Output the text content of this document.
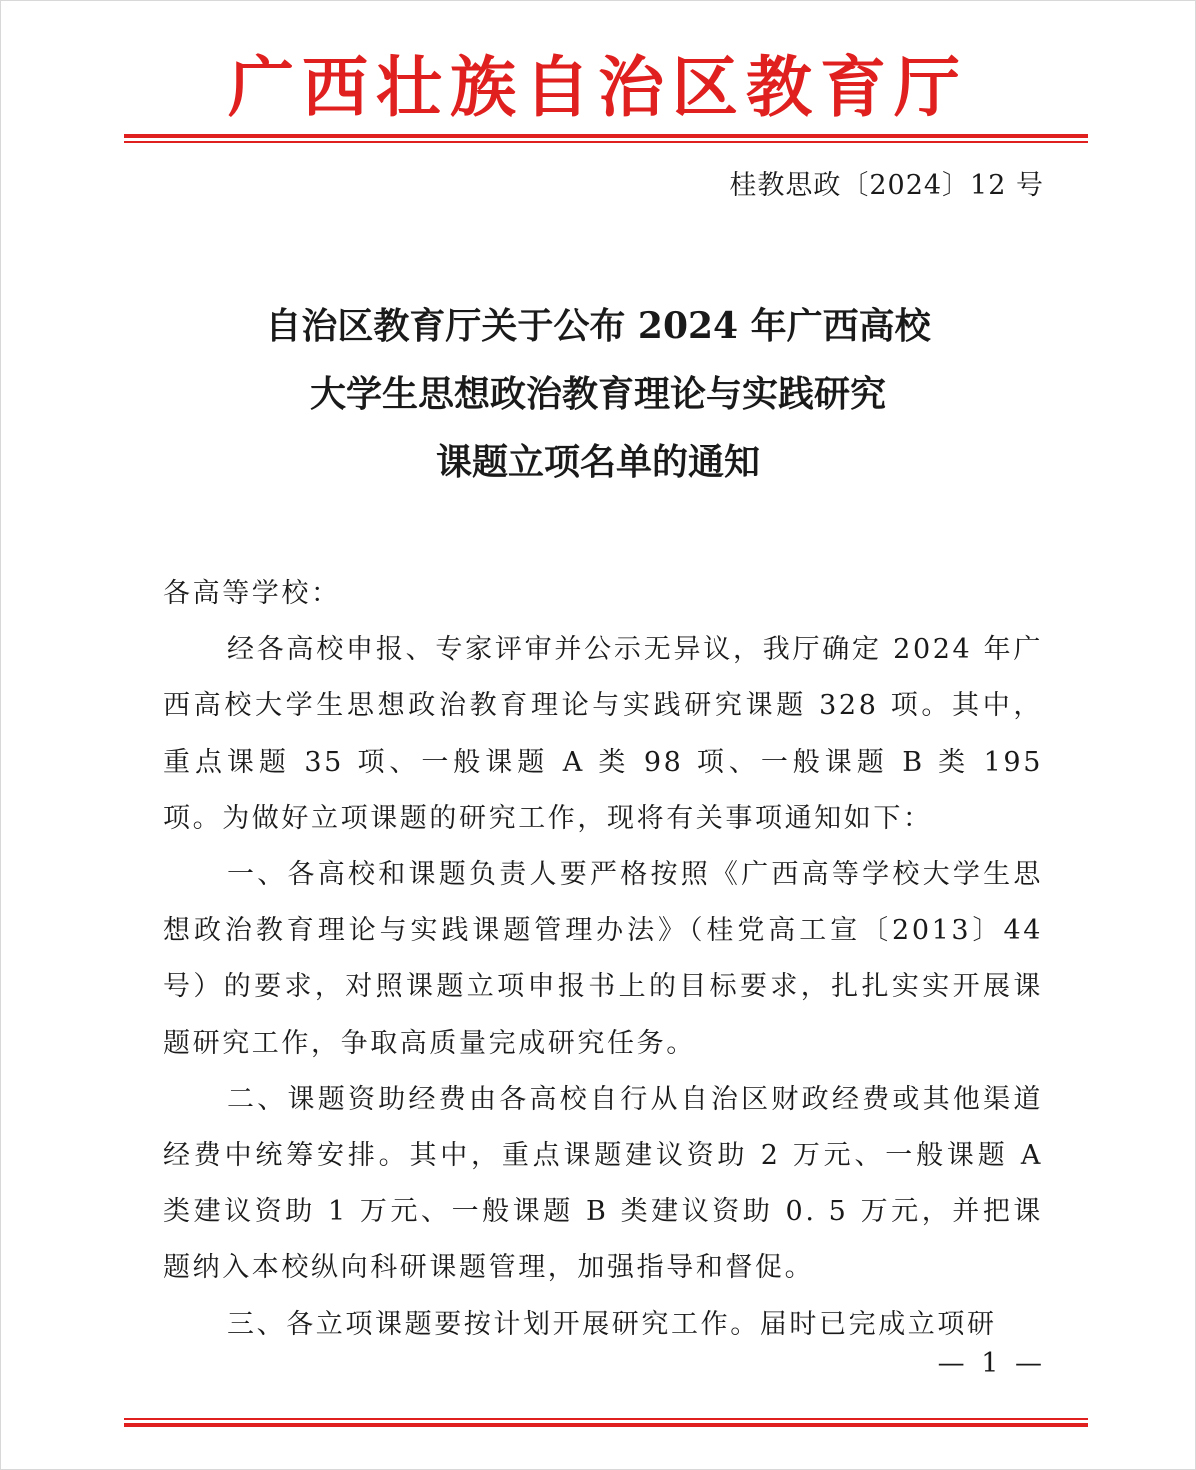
广西壮族自治区教育厅
桂教思政〔2024〕12 号
自治区教育厅关于公布 2024 年广西高校
大学生思想政治教育理论与实践研究
课题立项名单的通知

各高等学校：

经各高校申报、专家评审并公示无异议，我厅确定 2024 年广西高校大学生思想政治教育理论与实践研究课题 328 项。其中，重点课题 35 项、一般课题 A 类 98 项、一般课题 B 类 195 项。为做好立项课题的研究工作，现将有关事项通知如下：

一、各高校和课题负责人要严格按照《广西高等学校大学生思想政治教育理论与实践课题管理办法》（桂党高工宣〔2013〕44 号）的要求，对照课题立项申报书上的目标要求，扎扎实实开展课题研究工作，争取高质量完成研究任务。

二、课题资助经费由各高校自行从自治区财政经费或其他渠道经费中统筹安排。其中，重点课题建议资助 2 万元、一般课题 A 类建议资助 1 万元、一般课题 B 类建议资助 0. 5 万元，并把课题纳入本校纵向科研课题管理，加强指导和督促。

三、各立项课题要按计划开展研究工作。届时已完成立项研

— 1 —
